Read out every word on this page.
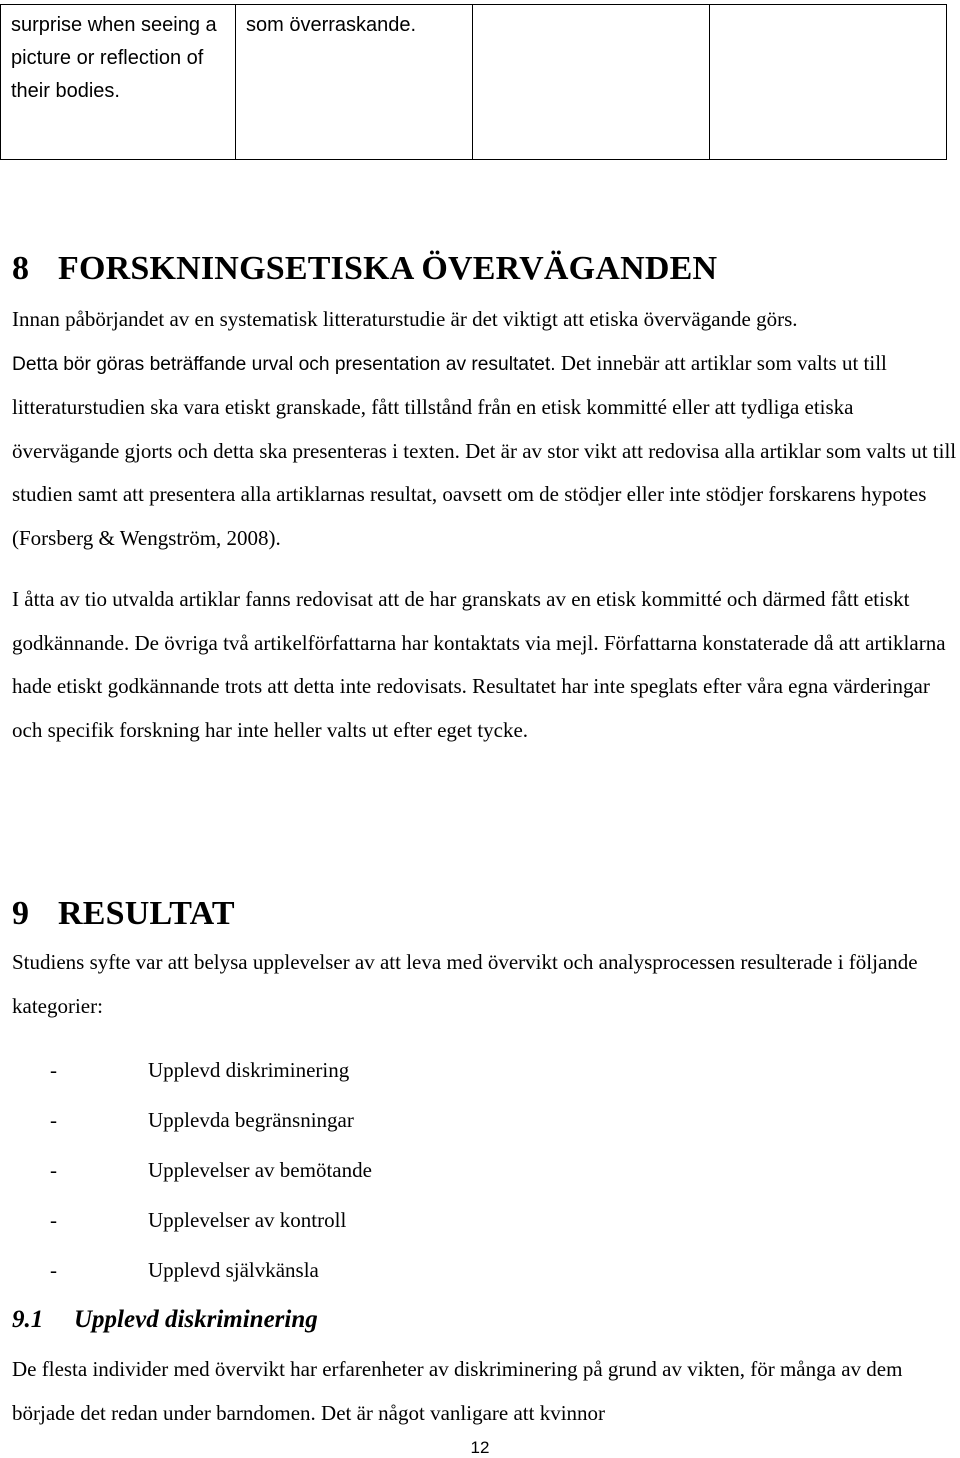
surprise when seeing a picture or reflection of their bodies.	som överraskande.		
8 FORSKNINGSETISKA ÖVERVÄGANDEN

Innan påbörjandet av en systematisk litteraturstudie är det viktigt att etiska övervägande görs.
Detta bör göras beträffande urval och presentation av resultatet. Det innebär att artiklar som valts ut till litteraturstudien ska vara etiskt granskade, fått tillstånd från en etisk kommitté eller att tydliga etiska övervägande gjorts och detta ska presenteras i texten. Det är av stor vikt att redovisa alla artiklar som valts ut till studien samt att presentera alla artiklarnas resultat, oavsett om de stödjer eller inte stödjer forskarens hypotes (Forsberg & Wengström, 2008).

I åtta av tio utvalda artiklar fanns redovisat att de har granskats av en etisk kommitté och därmed fått etiskt godkännande. De övriga två artikelförfattarna har kontaktats via mejl. Författarna konstaterade då att artiklarna hade etiskt godkännande trots att detta inte redovisats. Resultatet har inte speglats efter våra egna värderingar och specifik forskning har inte heller valts ut efter eget tycke.

9 RESULTAT

Studiens syfte var att belysa upplevelser av att leva med övervikt och analysprocessen resulterade i följande kategorier:

-	Upplevd diskriminering
-	Upplevda begränsningar
-	Upplevelser av bemötande
-	Upplevelser av kontroll
-	Upplevd självkänsla
9.1 Upplevd diskriminering

De flesta individer med övervikt har erfarenheter av diskriminering på grund av vikten, för många av dem började det redan under barndomen. Det är något vanligare att kvinnor

12
